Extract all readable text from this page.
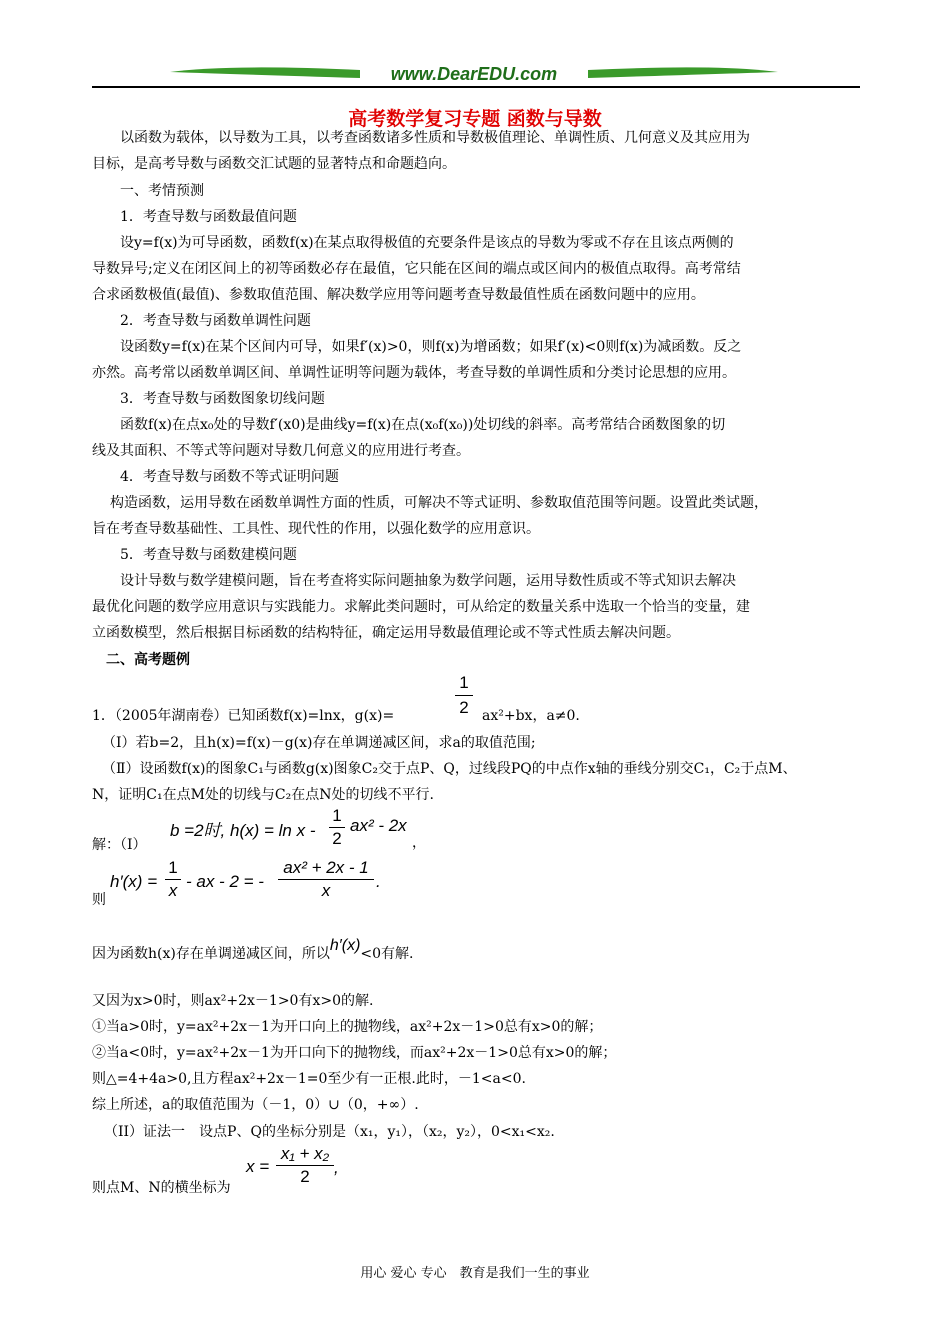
www.DearEDU.com
高考数学复习专题 函数与导数
以函数为载体，以导数为工具，以考查函数诸多性质和导数极值理论、单调性质、几何意义及其应用为
目标，是高考导数与函数交汇试题的显著特点和命题趋向。
一、考情预测
1．考查导数与函数最值问题
设y=f(x)为可导函数，函数f(x)在某点取得极值的充要条件是该点的导数为零或不存在且该点两侧的
导数异号;定义在闭区间上的初等函数必存在最值，它只能在区间的端点或区间内的极值点取得。高考常结
合求函数极值(最值)、参数取值范围、解决数学应用等问题考查导数最值性质在函数问题中的应用。
2．考查导数与函数单调性问题
设函数y=f(x)在某个区间内可导，如果f′(x)>0，则f(x)为增函数；如果f′(x)<0则f(x)为减函数。反之
亦然。高考常以函数单调区间、单调性证明等问题为载体，考查导数的单调性质和分类讨论思想的应用。
3．考查导数与函数图象切线问题
函数f(x)在点x₀处的导数f′(x0)是曲线y=f(x)在点(x₀f(x₀))处切线的斜率。高考常结合函数图象的切
线及其面积、不等式等问题对导数几何意义的应用进行考查。
4．考查导数与函数不等式证明问题
构造函数，运用导数在函数单调性方面的性质，可解决不等式证明、参数取值范围等问题。设置此类试题，
旨在考查导数基础性、工具性、现代性的作用，以强化数学的应用意识。
5．考查导数与函数建模问题
设计导数与数学建模问题，旨在考查将实际问题抽象为数学问题，运用导数性质或不等式知识去解决
最优化问题的数学应用意识与实践能力。求解此类问题时，可从给定的数量关系中选取一个恰当的变量，建
立函数模型，然后根据目标函数的结构特征，确定运用导数最值理论或不等式性质去解决问题。
二、高考题例
1．（2005年湖南卷）已知函数f(x)=lnx，g(x)=
1
2 ax²+bx，a≠0.
（Ⅰ）若b=2，且h(x)=f(x)－g(x)存在单调递减区间，求a的取值范围;
（Ⅱ）设函数f(x)的图象C₁与函数g(x)图象C₂交于点P、Q，过线段PQ的中点作x轴的垂线分别交C₁，C₂于点M、
N，证明C₁在点M处的切线与C₂在点N处的切线不平行.
解：（I）
b =2时, h(x) = ln x -
1
2
ax² - 2x
，
则
h′(x) =
1
x - ax - 2 = -
ax² + 2x - 1
x	.
因为函数h(x)存在单调递减区间，所以h′(x)<0有解.
又因为x>0时，则ax²+2x－1>0有x>0的解.
①当a>0时，y=ax²+2x－1为开口向上的抛物线，ax²+2x－1>0总有x>0的解；
②当a<0时，y=ax²+2x－1为开口向下的抛物线，而ax²+2x－1>0总有x>0的解；
则△=4+4a>0,且方程ax²+2x－1=0至少有一正根.此时，－1<a<0.
综上所述，a的取值范围为（－1，0）∪（0，+∞）.
（II）证法一　设点P、Q的坐标分别是（x₁，y₁），（x₂，y₂），0<x₁<x₂.
则点M、N的横坐标为
x =
x₁ + x₂
2	,
用心 爱心 专心　教育是我们一生的事业
